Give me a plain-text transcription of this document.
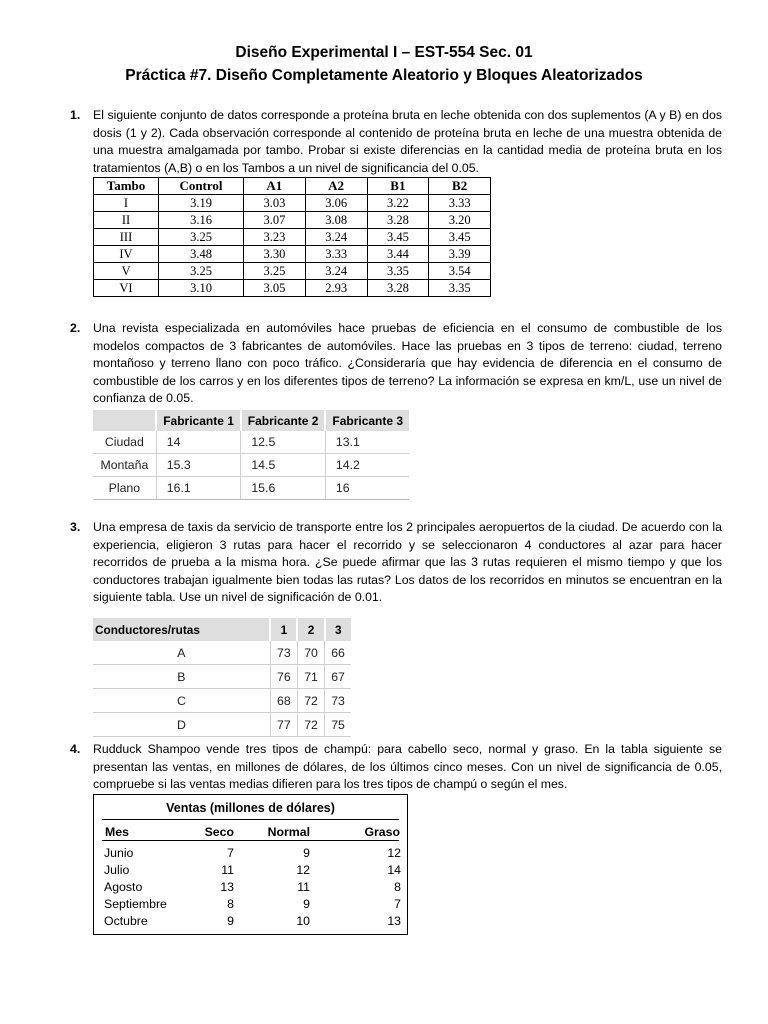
Diseño Experimental I – EST-554 Sec. 01
Práctica #7. Diseño Completamente Aleatorio y Bloques Aleatorizados
1. El siguiente conjunto de datos corresponde a proteína bruta en leche obtenida con dos suplementos (A y B) en dos dosis (1 y 2). Cada observación corresponde al contenido de proteína bruta en leche de una muestra obtenida de una muestra amalgamada por tambo. Probar si existe diferencias en la cantidad media de proteína bruta en los tratamientos (A,B) o en los Tambos a un nivel de significancia del 0.05.
Tambo	Control	A1	A2	B1	B2
I	3.19	3.03	3.06	3.22	3.33
II	3.16	3.07	3.08	3.28	3.20
III	3.25	3.23	3.24	3.45	3.45
IV	3.48	3.30	3.33	3.44	3.39
V	3.25	3.25	3.24	3.35	3.54
VI	3.10	3.05	2.93	3.28	3.35
2. Una revista especializada en automóviles hace pruebas de eficiencia en el consumo de combustible de los modelos compactos de 3 fabricantes de automóviles. Hace las pruebas en 3 tipos de terreno: ciudad, terreno montañoso y terreno llano con poco tráfico. ¿Consideraría que hay evidencia de diferencia en el consumo de combustible de los carros y en los diferentes tipos de terreno? La información se expresa en km/L, use un nivel de confianza de 0.05.
	Fabricante 1	Fabricante 2	Fabricante 3
Ciudad	14	12.5	13.1
Montaña	15.3	14.5	14.2
Plano	16.1	15.6	16
3. Una empresa de taxis da servicio de transporte entre los 2 principales aeropuertos de la ciudad. De acuerdo con la experiencia, eligieron 3 rutas para hacer el recorrido y se seleccionaron 4 conductores al azar para hacer recorridos de prueba a la misma hora. ¿Se puede afirmar que las 3 rutas requieren el mismo tiempo y que los conductores trabajan igualmente bien todas las rutas? Los datos de los recorridos en minutos se encuentran en la siguiente tabla. Use un nivel de significación de 0.01.
Conductores/rutas	1	2	3
A	73	70	66
B	76	71	67
C	68	72	73
D	77	72	75
4. Rudduck Shampoo vende tres tipos de champú: para cabello seco, normal y graso. En la tabla siguiente se presentan las ventas, en millones de dólares, de los últimos cinco meses. Con un nivel de significancia de 0.05, compruebe si las ventas medias difieren para los tres tipos de champú o según el mes.
Ventas (millones de dólares)
Mes	Seco	Normal	Graso
Junio	7	9	12
Julio	11	12	14
Agosto	13	11	8
Septiembre	8	9	7
Octubre	9	10	13
